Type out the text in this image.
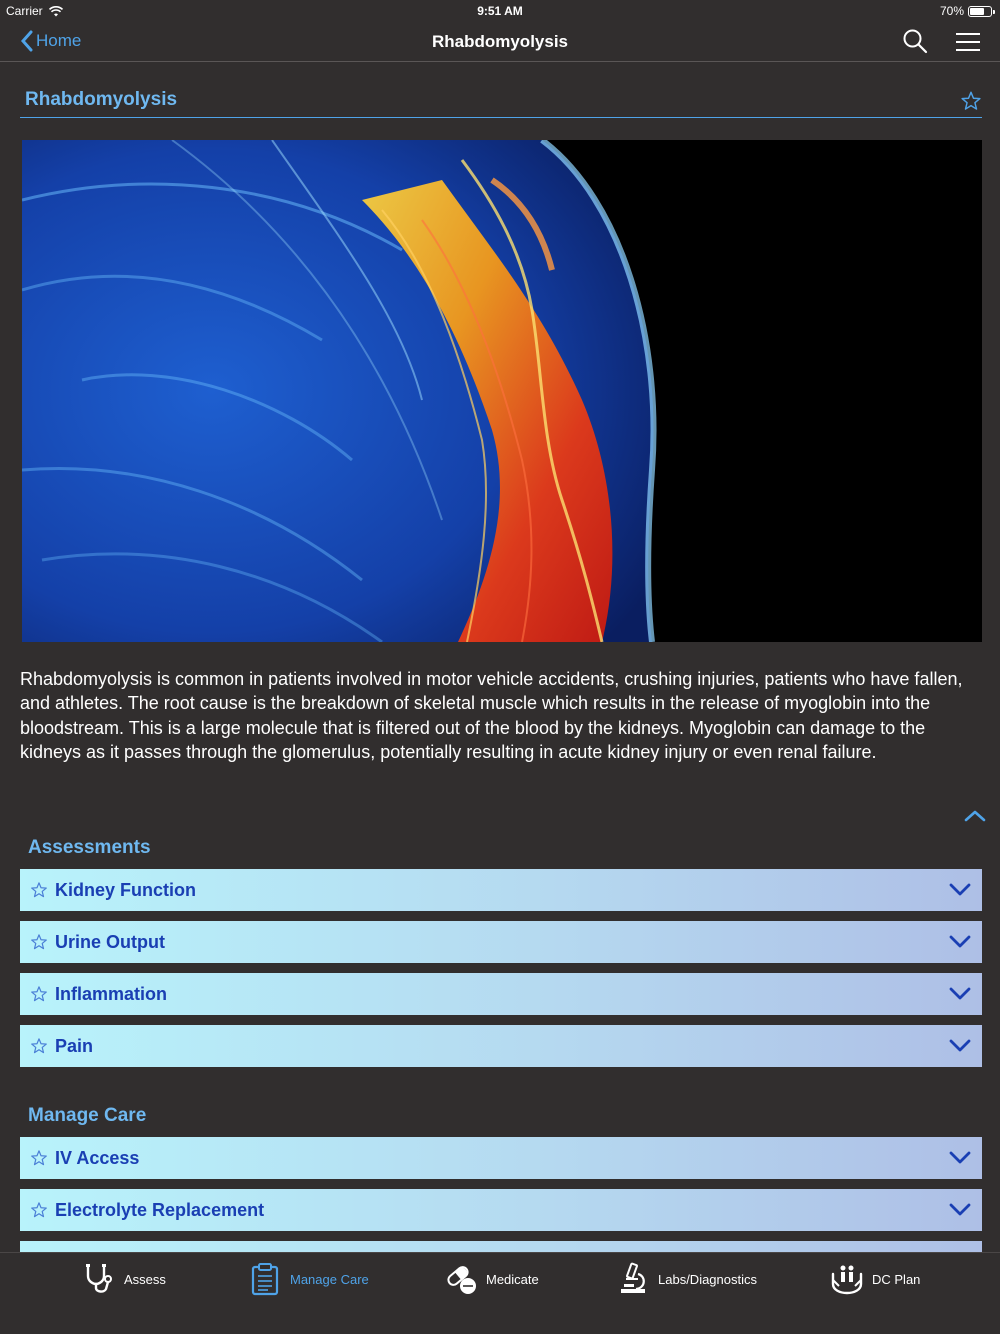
Carrier	9:51 AM	70%
Home	Rhabdomyolysis
Rhabdomyolysis

Rhabdomyolysis is common in patients involved in motor vehicle accidents, crushing injuries, patients who have fallen, and athletes. The root cause is the breakdown of skeletal muscle which results in the release of myoglobin into the bloodstream. This is a large molecule that is filtered out of the blood by the kidneys. Myoglobin can damage to the kidneys as it passes through the glomerulus, potentially resulting in acute kidney injury or even renal failure.

Assessments
Kidney Function
Urine Output
Inflammation
Pain
Manage Care
IV Access
Electrolyte Replacement
Assess	Manage Care	Medicate	Labs/Diagnostics	DC Plan
